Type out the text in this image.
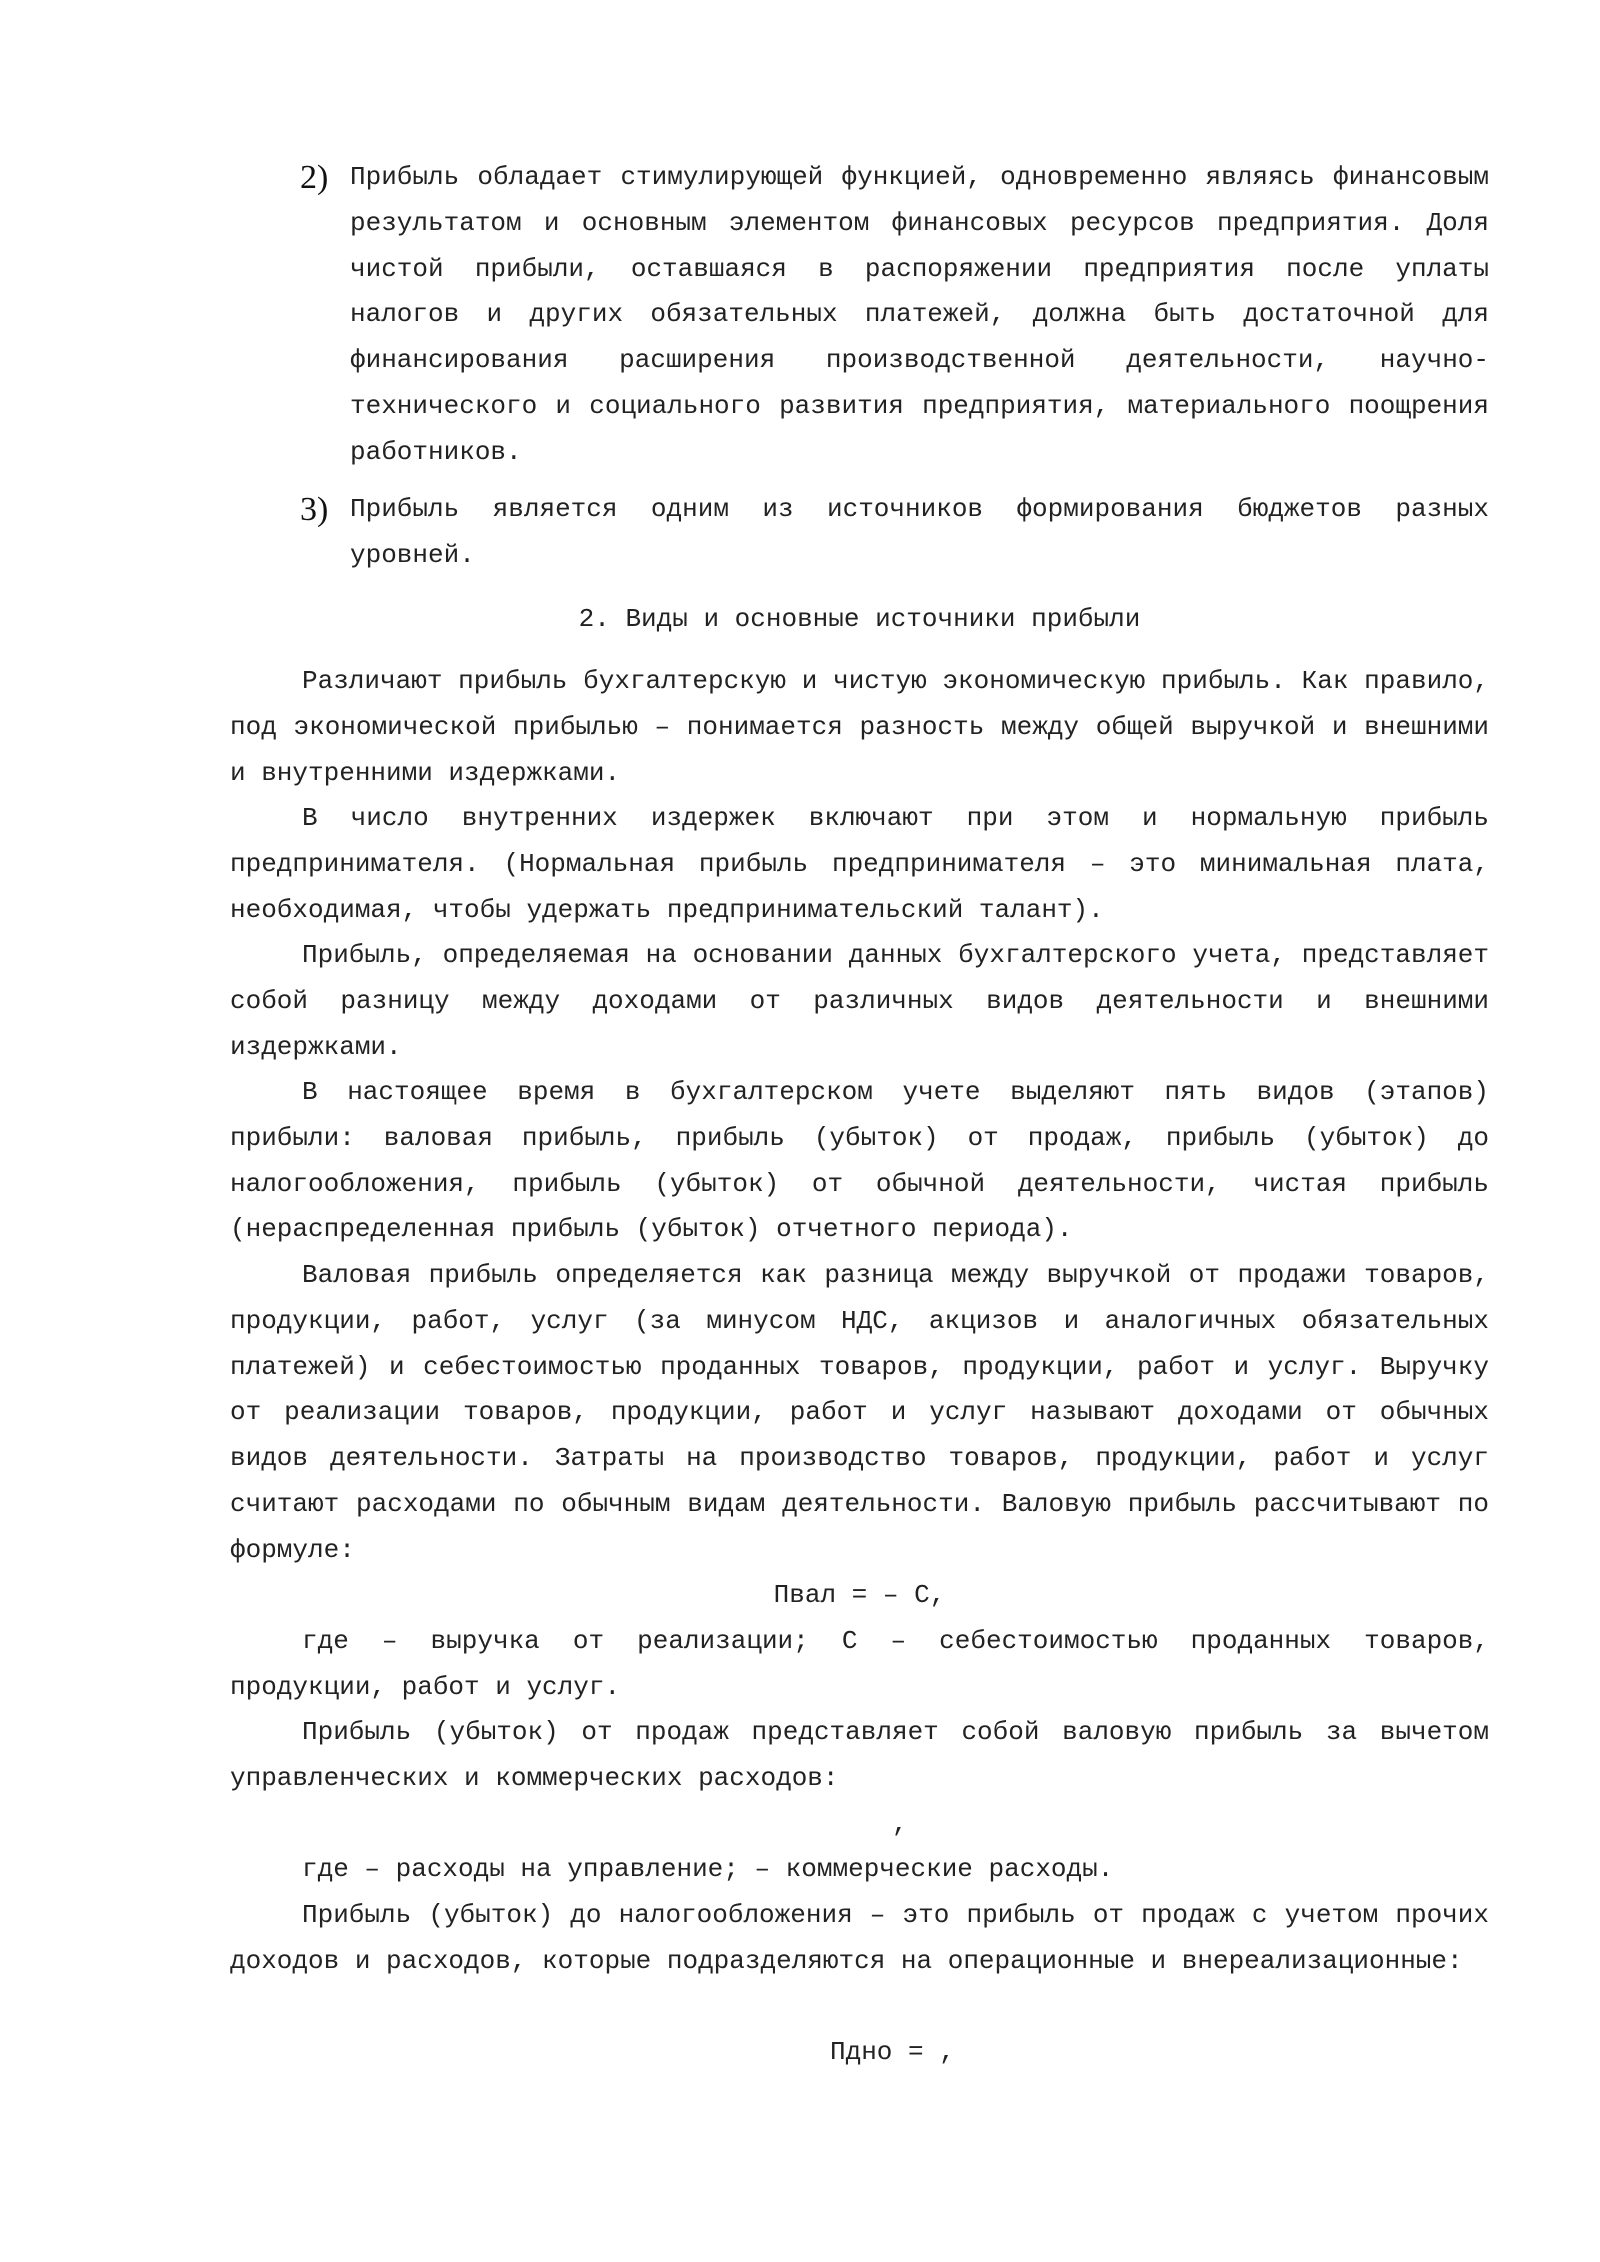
2) Прибыль обладает стимулирующей функцией, одновременно являясь финансовым результатом и основным элементом финансовых ресурсов предприятия. Доля чистой прибыли, оставшаяся в распоряжении предприятия после уплаты налогов и других обязательных платежей, должна быть достаточной для финансирования расширения производственной деятельности, научно-технического и социального развития предприятия, материального поощрения работников.
3) Прибыль является одним из источников формирования бюджетов разных уровней.
2. Виды и основные источники прибыли

Различают прибыль бухгалтерскую и чистую экономическую прибыль. Как правило, под экономической прибылью – понимается разность между общей выручкой и внешними и внутренними издержками.

В число внутренних издержек включают при этом и нормальную прибыль предпринимателя. (Нормальная прибыль предпринимателя – это минимальная плата, необходимая, чтобы удержать предпринимательский талант).

Прибыль, определяемая на основании данных бухгалтерского учета, представляет собой разницу между доходами от различных видов деятельности и внешними издержками.

В настоящее время в бухгалтерском учете выделяют пять видов (этапов) прибыли: валовая прибыль, прибыль (убыток) от продаж, прибыль (убыток) до налогообложения, прибыль (убыток) от обычной деятельности, чистая прибыль (нераспределенная прибыль (убыток) отчетного периода).

Валовая прибыль определяется как разница между выручкой от продажи товаров, продукции, работ, услуг (за минусом НДС, акцизов и аналогичных обязательных платежей) и себестоимостью проданных товаров, продукции, работ и услуг. Выручку от реализации товаров, продукции, работ и услуг называют доходами от обычных видов деятельности. Затраты на производство товаров, продукции, работ и услуг считают расходами по обычным видам деятельности. Валовую прибыль рассчитывают по формуле:

Пвал = – С,

где – выручка от реализации; С – себестоимостью проданных товаров, продукции, работ и услуг.

Прибыль (убыток) от продаж представляет собой валовую прибыль за вычетом управленческих и коммерческих расходов:

,

где – расходы на управление; – коммерческие расходы.

Прибыль (убыток) до налогообложения – это прибыль от продаж с учетом прочих доходов и расходов, которые подразделяются на операционные и внереализационные:

Пдно = ,
